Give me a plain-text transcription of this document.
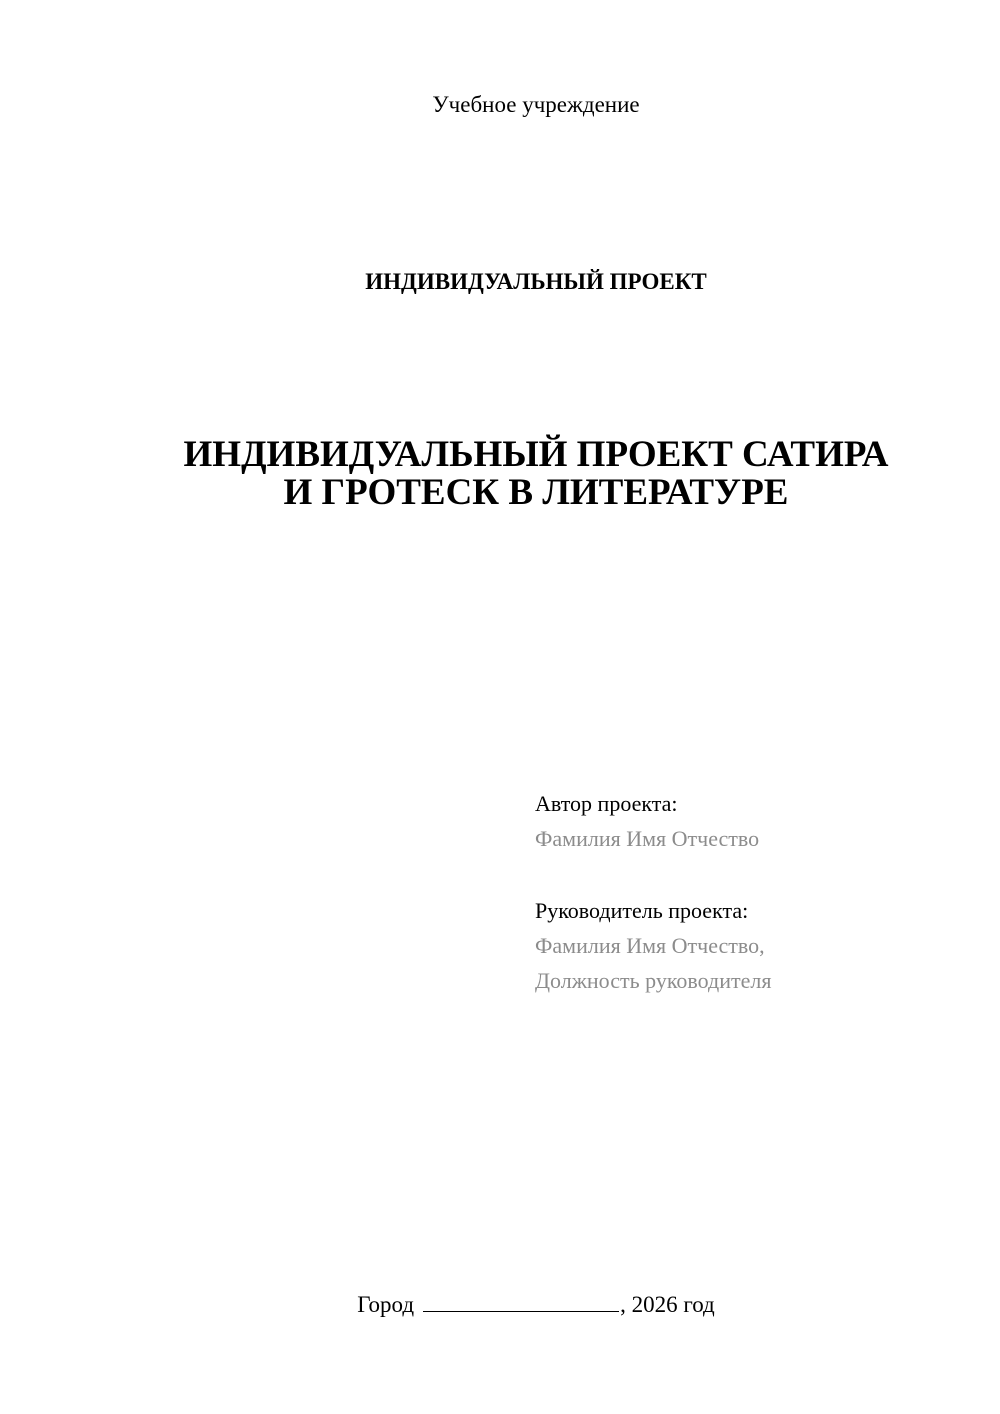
Учебное учреждение
ИНДИВИДУАЛЬНЫЙ ПРОЕКТ
ИНДИВИДУАЛЬНЫЙ ПРОЕКТ САТИРА
И ГРОТЕСК В ЛИТЕРАТУРЕ
Автор проекта:
Фамилия Имя Отчество
Руководитель проекта:
Фамилия Имя Отчество,
Должность руководителя
Город	, 2026 год
